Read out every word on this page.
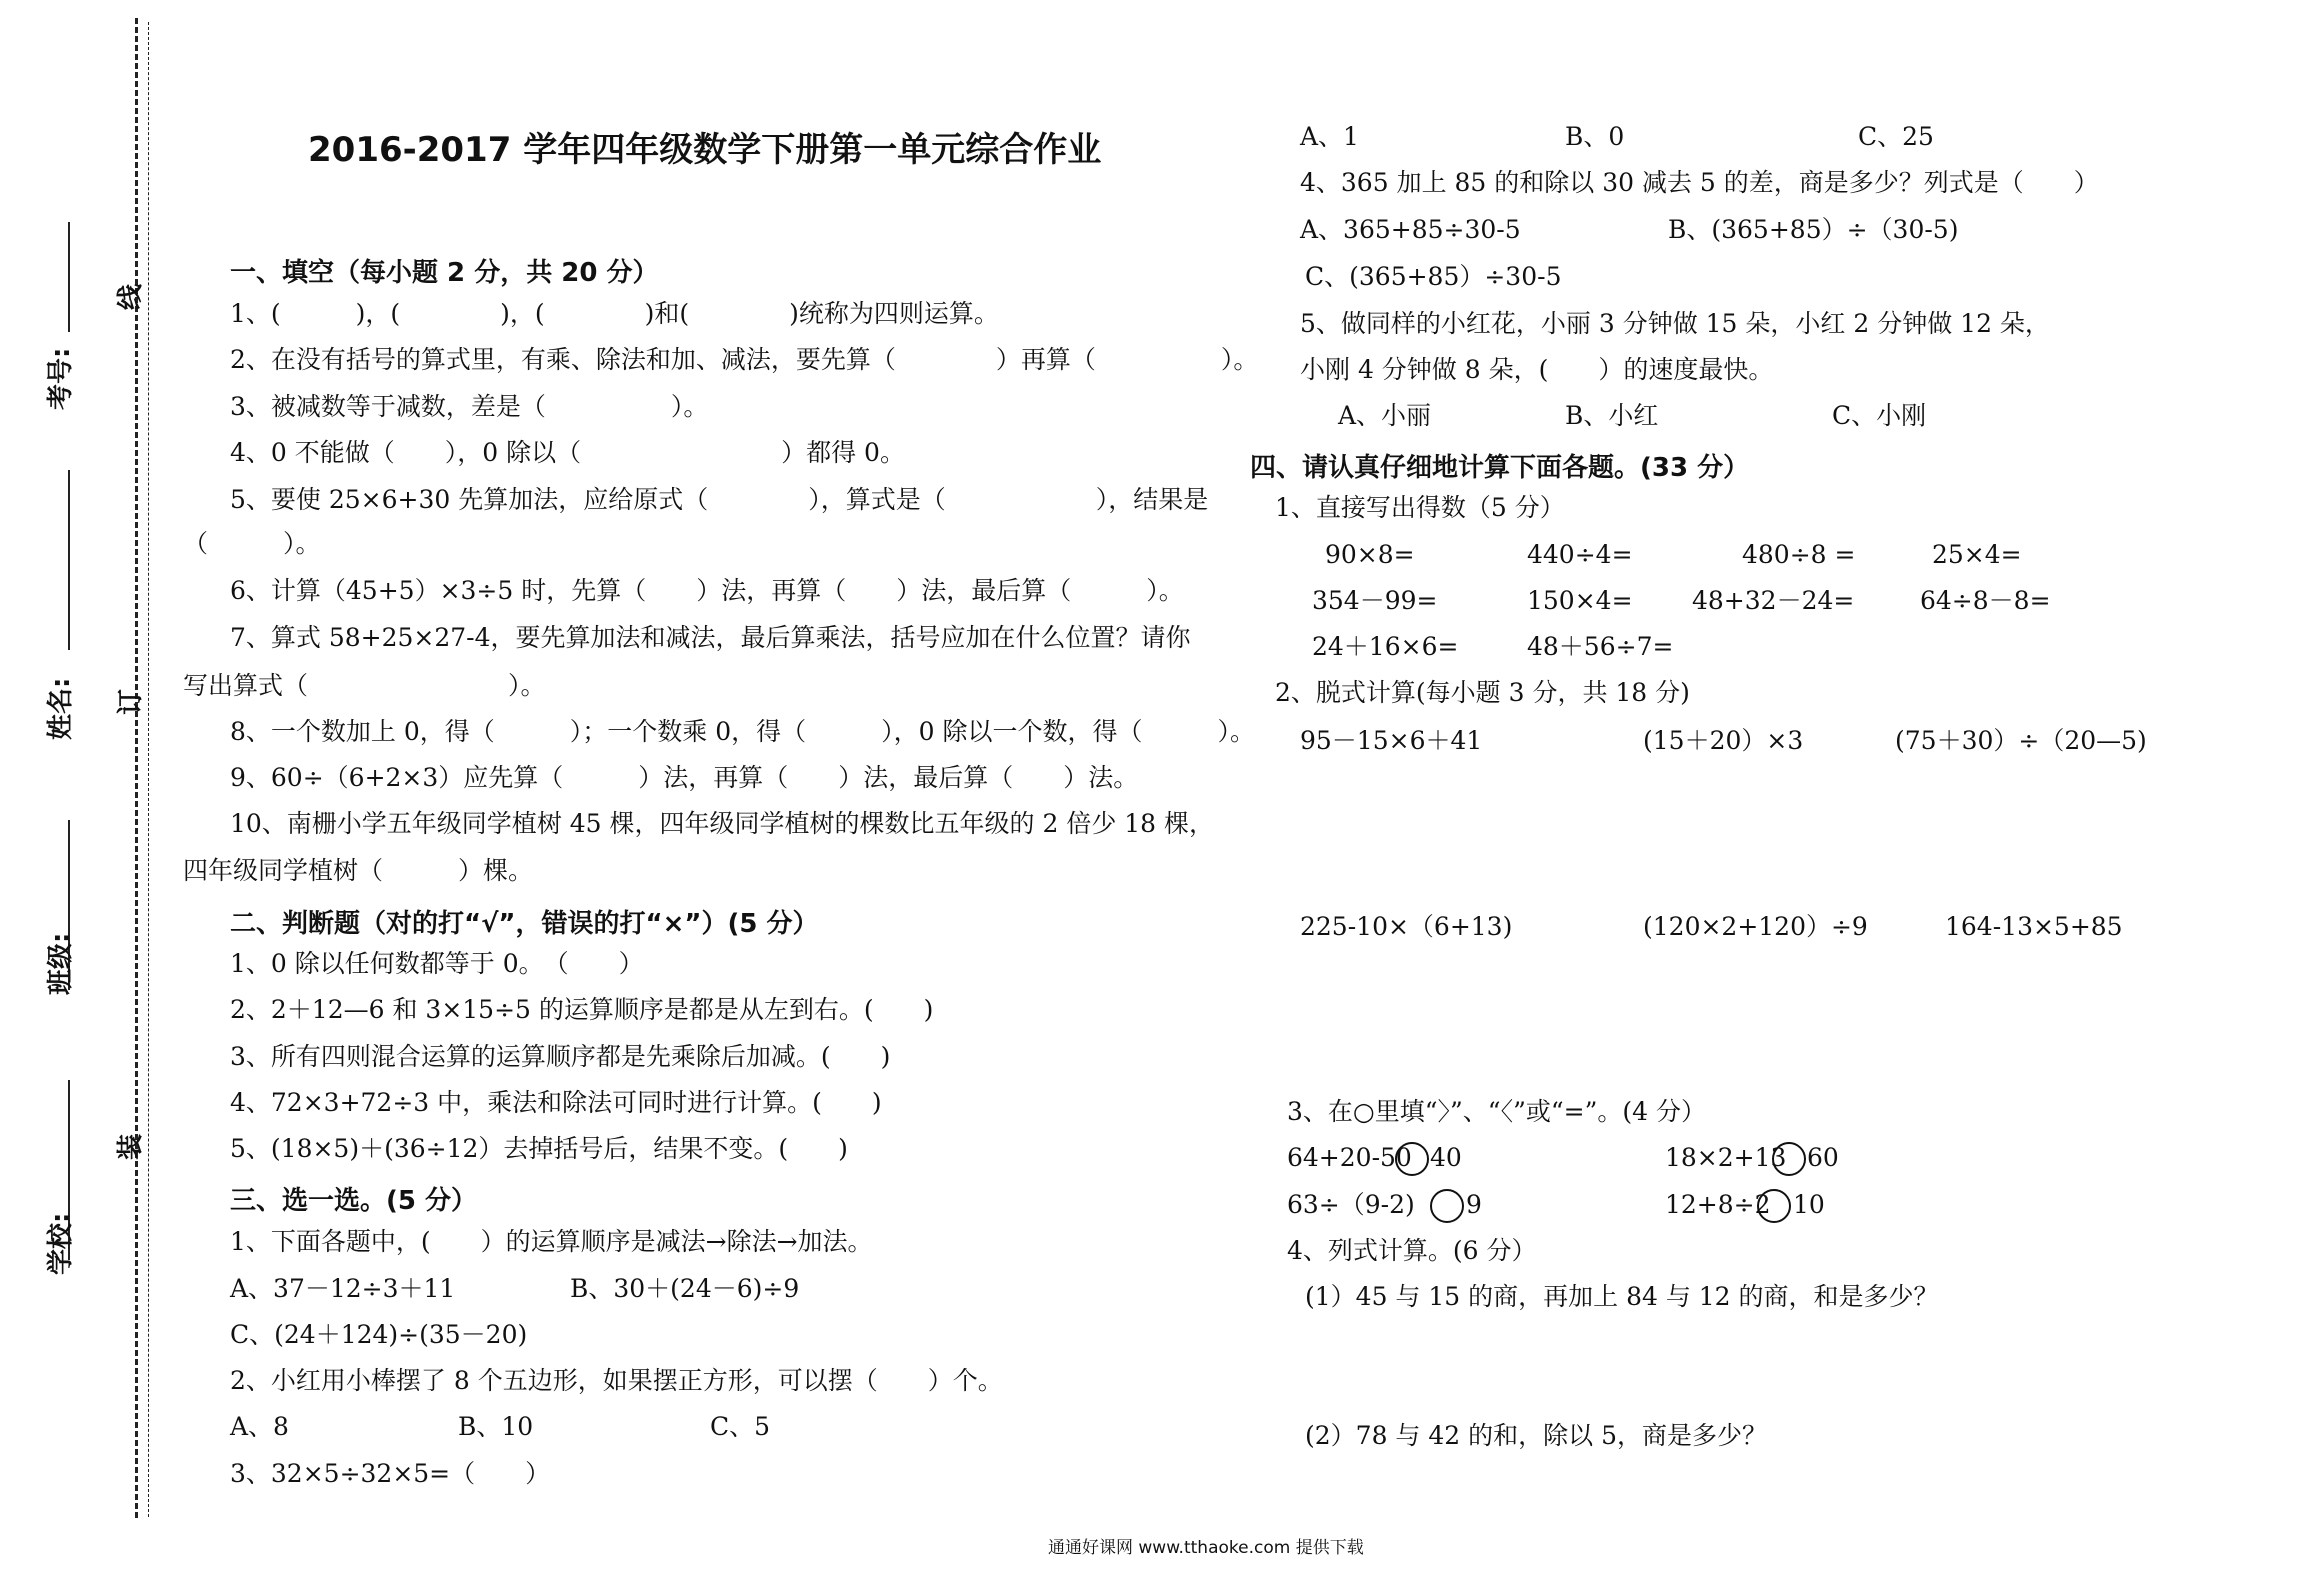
考号:
姓名:
班级:
学校:
线
订
装
2016-2017 学年四年级数学下册第一单元综合作业
一、填空（每小题 2 分，共 20 分）
1、(　　　)，(　　　　)，(　　　　)和(　　　　)统称为四则运算。
2、在没有括号的算式里，有乘、除法和加、减法，要先算（　　　　）再算（　　　　　）。
3、被减数等于减数，差是（　　　　　）。
4、0 不能做（　　），0 除以（　　　　　　　　）都得 0。
5、要使 25×6+30 先算加法，应给原式（　　　　），算式是（　　　　　　），结果是
（　　　）。
6、计算（45+5）×3÷5 时，先算（　　）法，再算（　　）法，最后算（　　　）。
7、算式 58+25×27-4，要先算加法和减法，最后算乘法，括号应加在什么位置？请你
写出算式（　　　　　　　　）。
8、一个数加上 0，得（　　　）；一个数乘 0，得（　　　），0 除以一个数，得（　　　）。
9、60÷（6+2×3）应先算（　　　）法，再算（　　）法，最后算（　　）法。
10、南栅小学五年级同学植树 45 棵，四年级同学植树的棵数比五年级的 2 倍少 18 棵，
四年级同学植树（　　　）棵。
二、判断题（对的打“√”，错误的打“×”）(5 分）
1、0 除以任何数都等于 0。　（　　）
2、2＋12—6 和 3×15÷5 的运算顺序是都是从左到右。(　　)
3、所有四则混合运算的运算顺序都是先乘除后加减。(　　)
4、72×3+72÷3 中，乘法和除法可同时进行计算。(　　)
5、(18×5)＋(36÷12）去掉括号后，结果不变。(　　)
三、选一选。(5 分）
1、下面各题中，(　　）的运算顺序是减法→除法→加法。
A、37－12÷3＋11	B、30＋(24－6)÷9
C、(24＋124)÷(35－20)
2、小红用小棒摆了 8 个五边形，如果摆正方形，可以摆（　　）个。
A、8	B、10	C、5
3、32×5÷32×5=（　　）
A、1	B、0	C、25
4、365 加上 85 的和除以 30 减去 5 的差，商是多少？列式是（　　）
A、365+85÷30-5	B、(365+85）÷（30-5)
C、(365+85）÷30-5
5、做同样的小红花，小丽 3 分钟做 15 朵，小红 2 分钟做 12 朵，
小刚 4 分钟做 8 朵，(　　）的速度最快。
A、小丽	B、小红	C、小刚
四、请认真仔细地计算下面各题。(33 分）
1、直接写出得数（5 分）
90×8=	440÷4=	480÷8 =	25×4=
354－99=	150×4= 48+32－24=	64÷8－8=
24＋16×6=	48＋56÷7=
2、脱式计算(每小题 3 分，共 18 分)
95－15×6＋41	(15＋20）×3	(75＋30）÷（20—5)
225-10×（6+13)	(120×2+120）÷9	164-13×5+85
3、在○里填“〉”、“〈”或“=”。(4 分）
64+20-50 40	18×2+13 60
63÷（9-2) 9	12+8÷2 10
4、列式计算。(6 分）
(1）45 与 15 的商，再加上 84 与 12 的商，和是多少？
(2）78 与 42 的和，除以 5，商是多少？
通通好课网 www.tthaoke.com 提供下载
